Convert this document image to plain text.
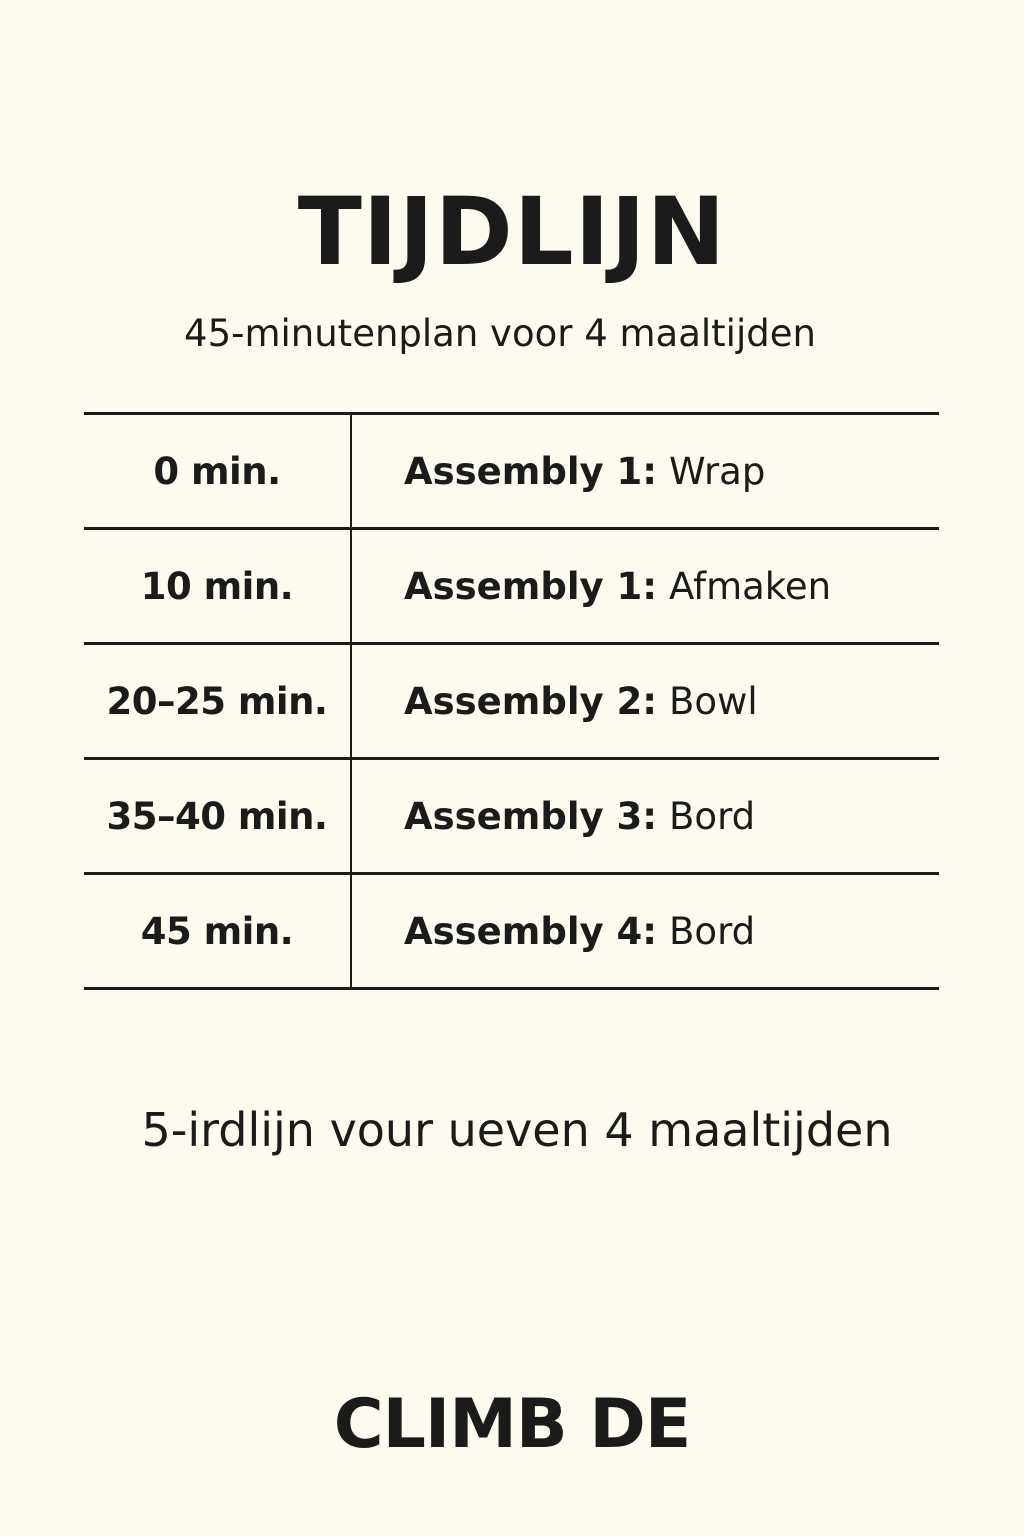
TIJDLIJN
45-minutenplan voor 4 maaltijden
0 min.	Assembly 1: Wrap
10 min.	Assembly 1: Afmaken
20–25 min.	Assembly 2: Bowl
35–40 min.	Assembly 3: Bord
45 min.	Assembly 4: Bord
5-irdlijn vour ueven 4 maaltijden
CLIMB DE
